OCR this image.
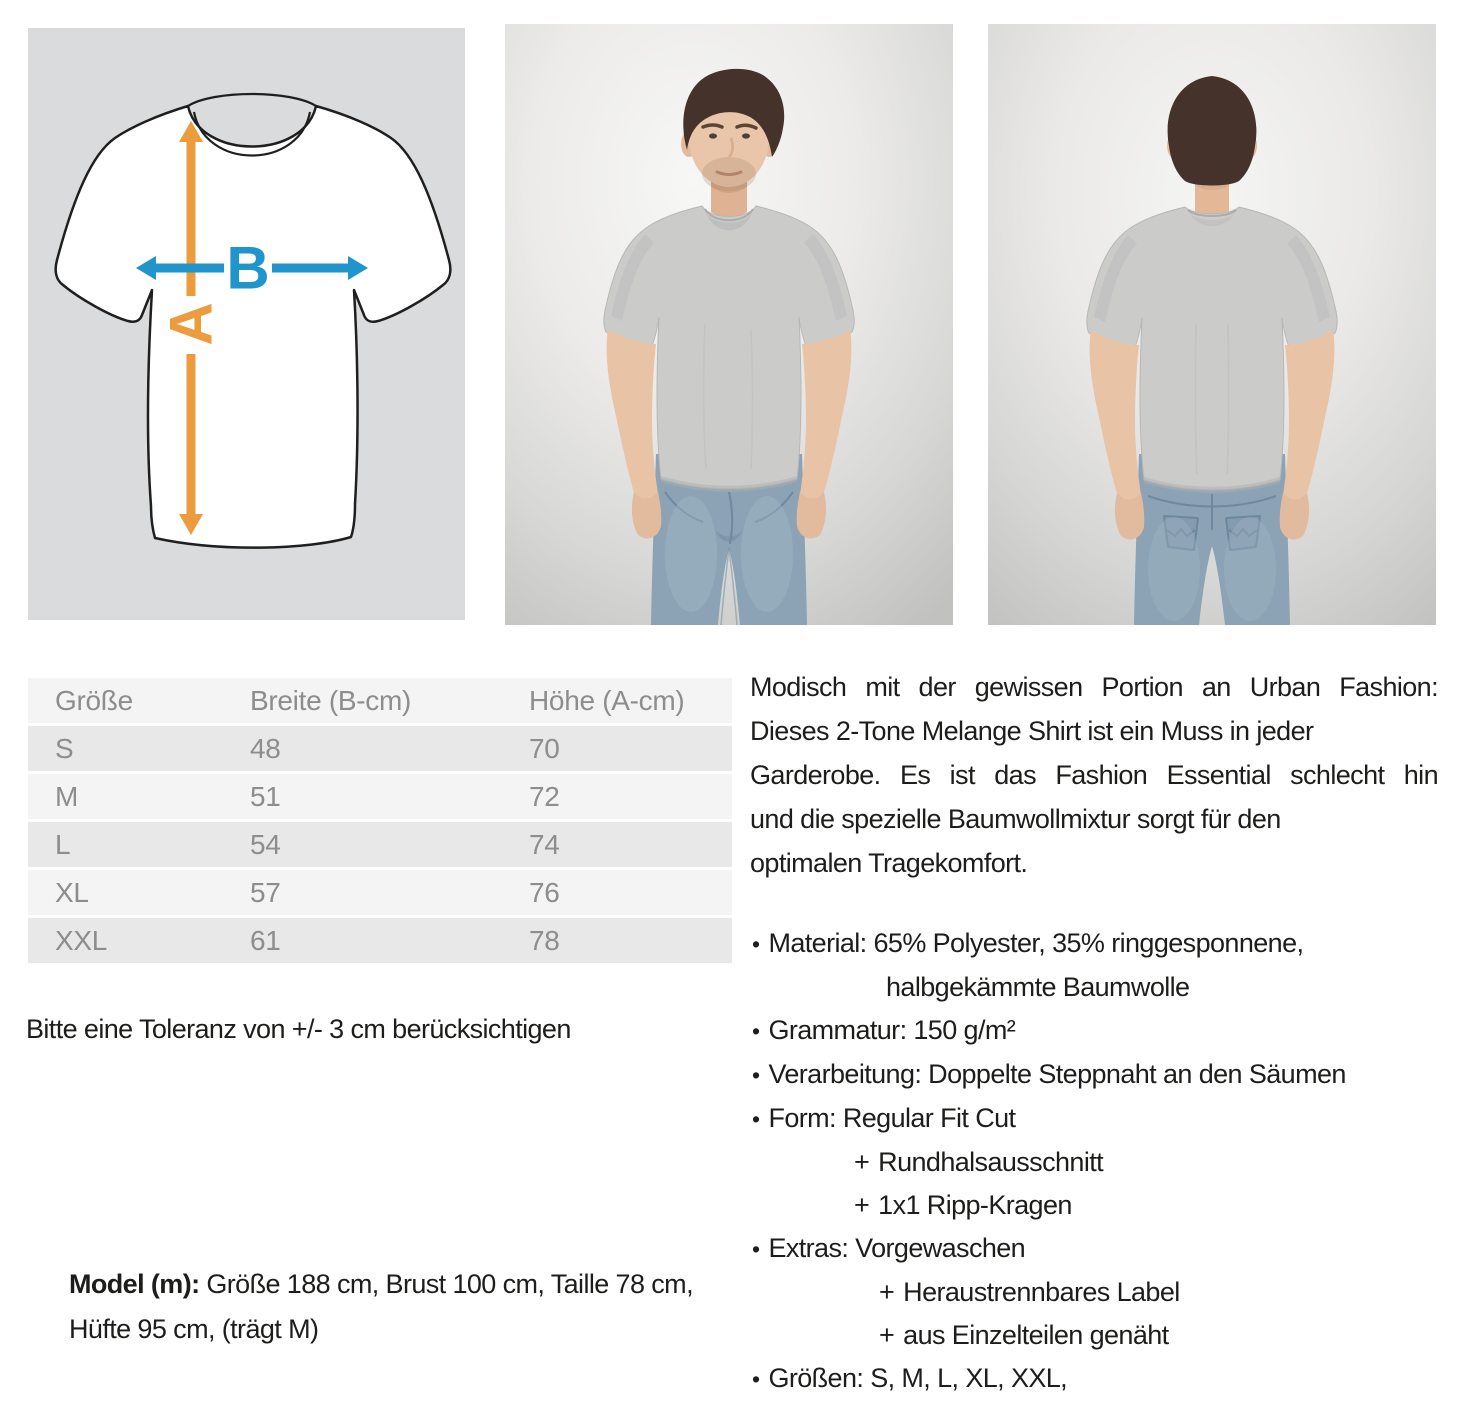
A
B
Größe	Breite (B-cm)	Höhe (A-cm)
S	48	70
M	51	72
L	54	74
XL	57	76
XXL	61	78
Bitte eine Toleranz von +/- 3 cm berücksichtigen
Model (m): Größe 188 cm, Brust 100 cm, Taille 78 cm,
Hüfte 95 cm, (trägt M)
Modisch mit der gewissen Portion an Urban Fashion:
Dieses 2-Tone Melange Shirt ist ein Muss in jeder
Garderobe. Es ist das Fashion Essential schlecht hin
und die spezielle Baumwollmixtur sorgt für den
optimalen Tragekomfort.
• Material: 65% Polyester, 35% ringgesponnene,
halbgekämmte Baumwolle
• Grammatur: 150 g/m²
• Verarbeitung: Doppelte Steppnaht an den Säumen
• Form: Regular Fit Cut
+ Rundhalsausschnitt
+ 1x1 Ripp-Kragen
• Extras: Vorgewaschen
+ Heraustrennbares Label
+ aus Einzelteilen genäht
• Größen: S, M, L, XL, XXL,
